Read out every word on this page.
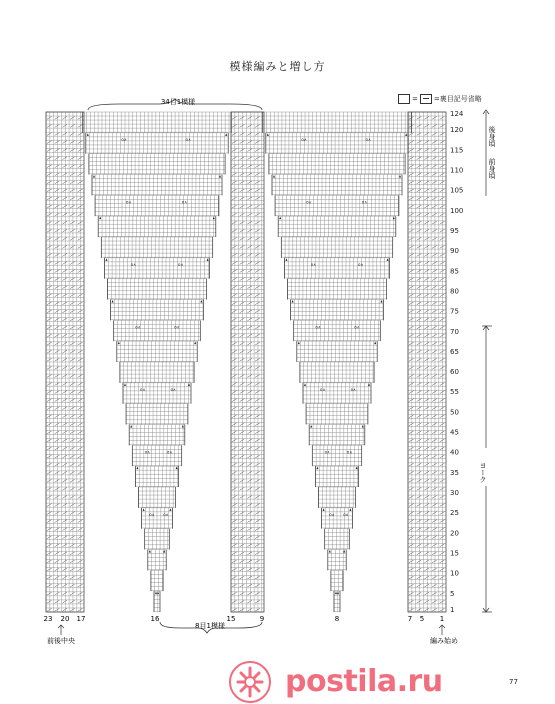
模様編みと増し方
= =裏目記号省略
o∧ o∧
o∧	o∧
o∧	o∧
o∧	o∧
o∧	o∧
o∧	o∧
o∧	o∧
o∧ o∧
o∧	o∧
o∧	o∧
o∧	o∧
o∧	o∧
o∧	o∧
o∧	o∧
34目1模様
8目1模様
23 20 17	16	15	9	8	7 5 1
前後中央	編み始め
後身頃
前身頃
ヨーク
124
120
115
110
105
100
95
90
85
80
75
70
65
60
55
50
45
40
35
30
25
20
15
10
5
1
77
postila.ru
